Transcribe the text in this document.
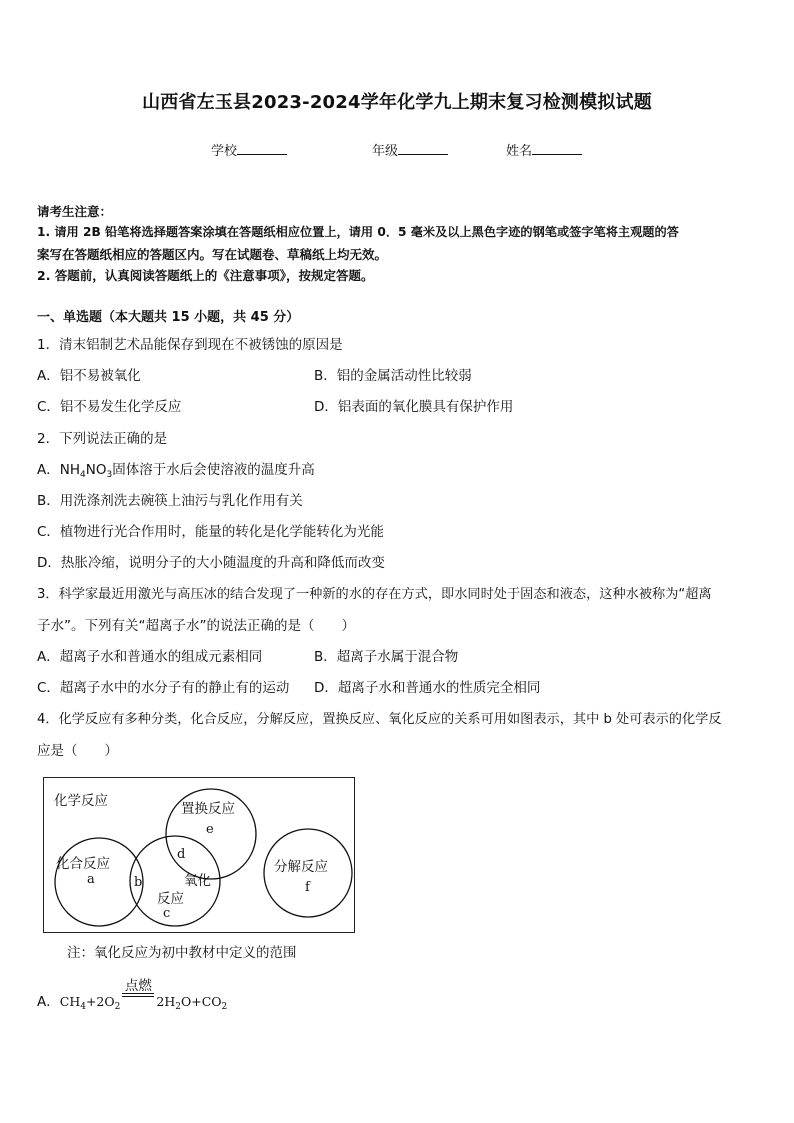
山西省左玉县2023-2024学年化学九上期末复习检测模拟试题
学校	年级	姓名
请考生注意：
1. 请用 2B 铅笔将选择题答案涂填在答题纸相应位置上，请用 0．5 毫米及以上黑色字迹的钢笔或签字笔将主观题的答
案写在答题纸相应的答题区内。写在试题卷、草稿纸上均无效。
2. 答题前，认真阅读答题纸上的《注意事项》，按规定答题。
一、单选题（本大题共 15 小题，共 45 分）
1．清末铝制艺术品能保存到现在不被锈蚀的原因是
A．铝不易被氧化	B．铝的金属活动性比较弱
C．铝不易发生化学反应	D．铝表面的氧化膜具有保护作用
2．下列说法正确的是
A．$NH_4NO_3$固体溶于水后会使溶液的温度升高
B．用洗涤剂洗去碗筷上油污与乳化作用有关
C．植物进行光合作用时，能量的转化是化学能转化为光能
D．热胀冷缩，说明分子的大小随温度的升高和降低而改变
3．科学家最近用激光与高压冰的结合发现了一种新的水的存在方式，即水同时处于固态和液态，这种水被称为“超离
子水”。下列有关“超离子水”的说法正确的是（　　）
A．超离子水和普通水的组成元素相同	B．超离子水属于混合物
C．超离子水中的水分子有的静止有的运动 D．超离子水和普通水的性质完全相同
4．化学反应有多种分类，化合反应，分解反应，置换反应、氧化反应的关系可用如图表示，其中 b 处可表示的化学反
应是（　　）
化学反应	置换反应
化合反应
氧化
反应
分解反应
a	b
c
d
e
f
注：氧化反应为初中教材中定义的范围
A．$CH_4+2O_2$
点燃
$2H_2O+CO_2$
